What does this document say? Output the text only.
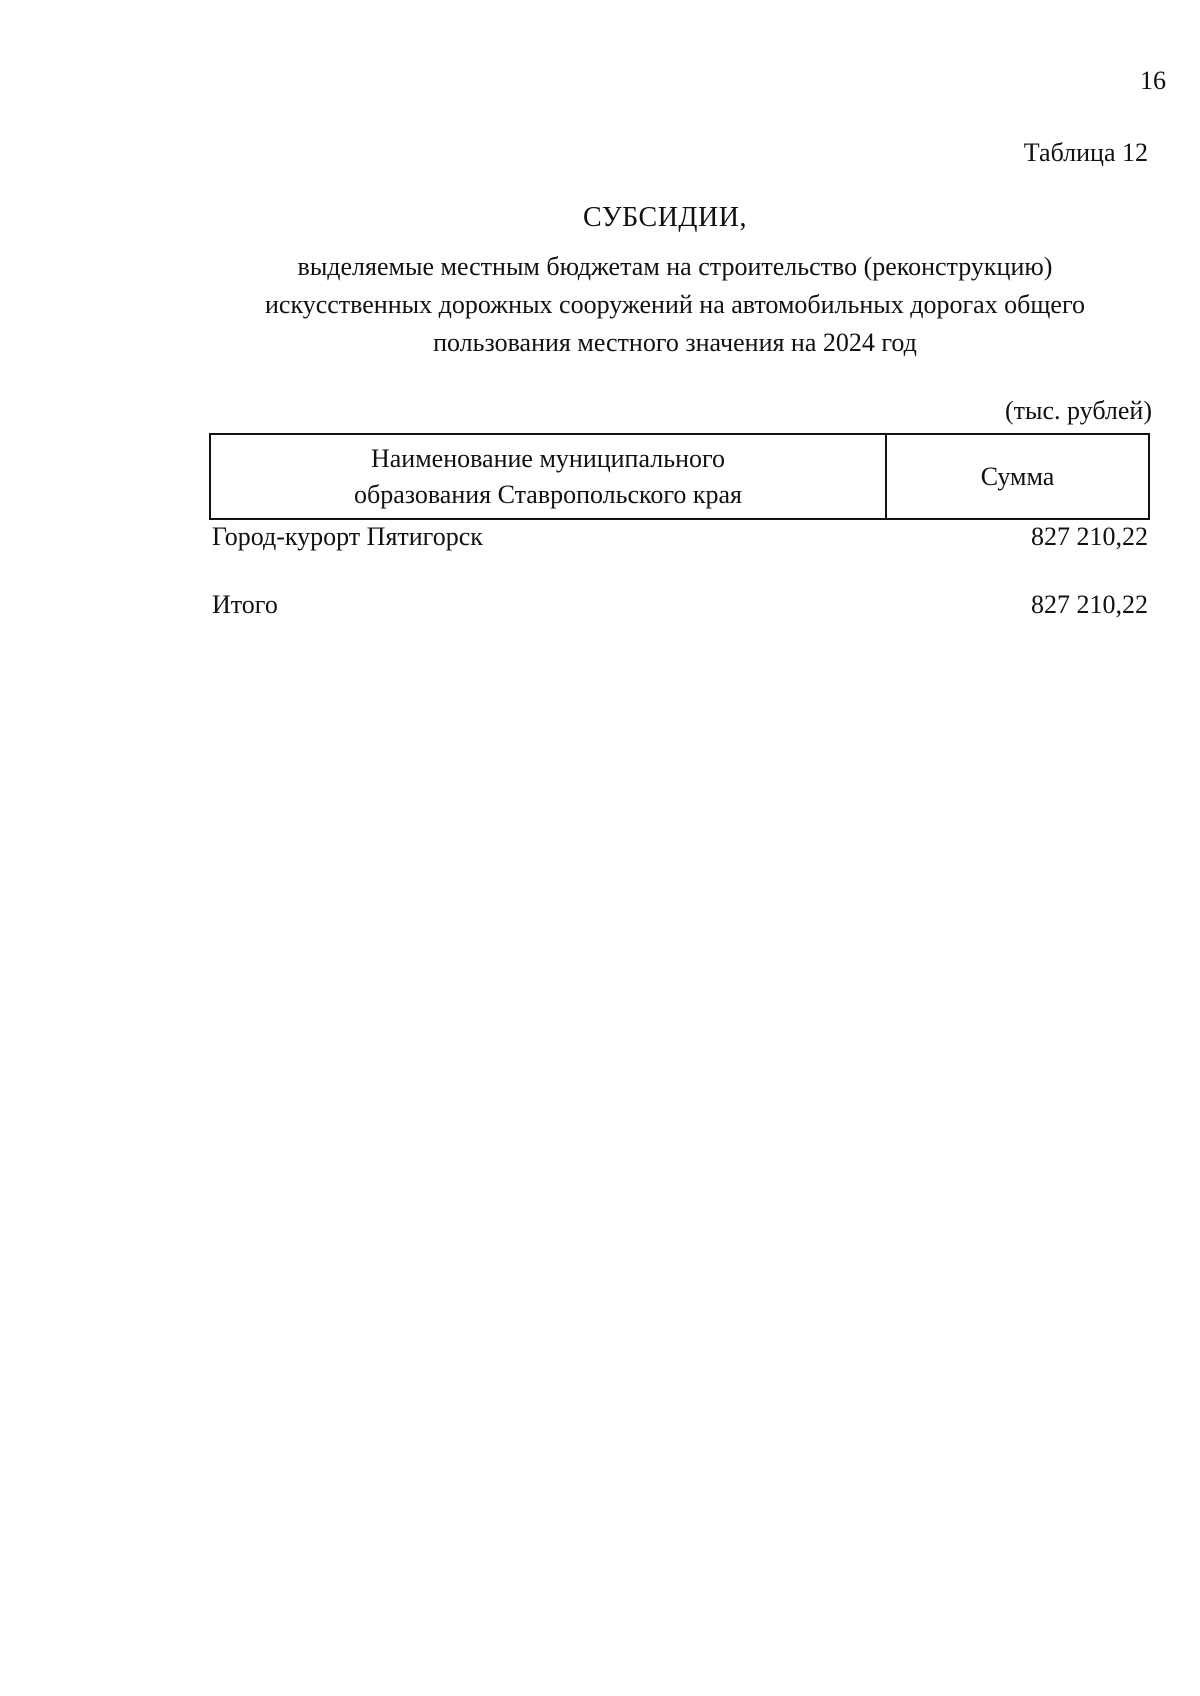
16
Таблица 12
СУБСИДИИ,
выделяемые местным бюджетам на строительство (реконструкцию)
искусственных дорожных сооружений на автомобильных дорогах общего
пользования местного значения на 2024 год
(тыс. рублей)
Наименование муниципального
образования Ставропольского края
Сумма
Город-курорт Пятигорск	827 210,22
Итого	827 210,22
